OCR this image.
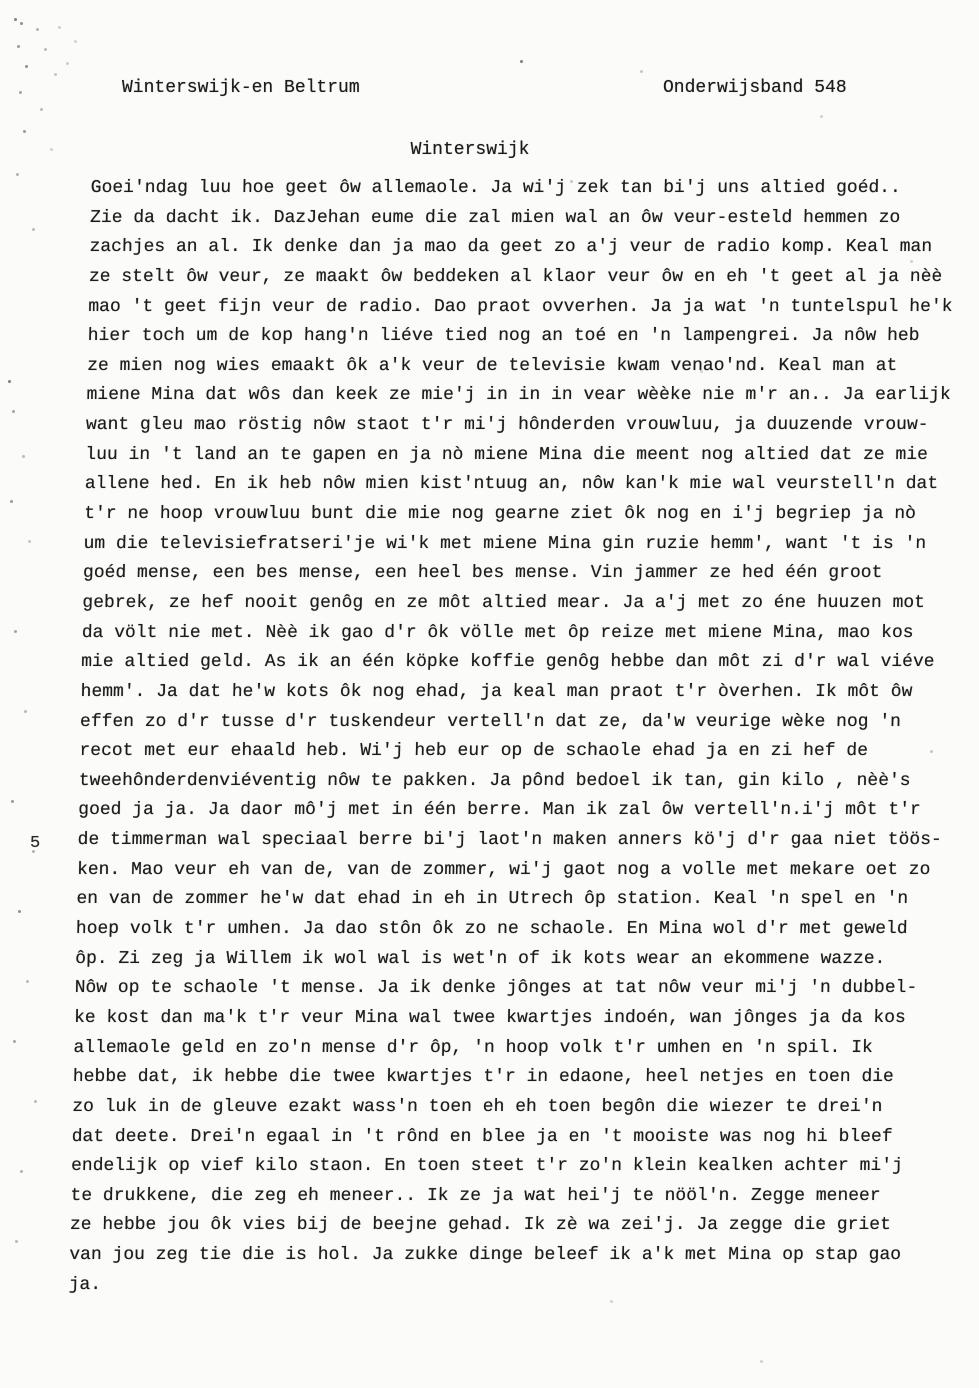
Winterswijk-en Beltrum	Onderwijsband 548
Winterswijk
5
Goei'ndag luu hoe geet ôw allemaole. Ja wi'j zek tan bi'j uns altied goéd..
Zie da dacht ik. DazJehan eume die zal mien wal an ôw veur-esteld hemmen zo
zachjes an al. Ik denke dan ja mao da geet zo a'j veur de radio komp. Keal man
ze stelt ôw veur, ze maakt ôw beddeken al klaor veur ôw en eh 't geet al ja nèè
mao 't geet fijn veur de radio. Dao praot ovverhen. Ja ja wat 'n tuntelspul he'k
hier toch um de kop hang'n liéve tied nog an toé en 'n lampengrei. Ja nôw heb
ze mien nog wies emaakt ôk a'k veur de televisie kwam venao'nd. Keal man at
miene Mina dat wôs dan keek ze mie'j in in in vear wèèke nie m'r an.. Ja earlijk
want gleu mao röstig nôw staot t'r mi'j hônderden vrouwluu, ja duuzende vrouw-
luu in 't land an te gapen en ja nò miene Mina die meent nog altied dat ze mie
allene hed. En ik heb nôw mien kist'ntuug an, nôw kan'k mie wal veurstell'n dat
t'r ne hoop vrouwluu bunt die mie nog gearne ziet ôk nog en i'j begriep ja nò
um die televisiefratseri'je wi'k met miene Mina gin ruzie hemm', want 't is 'n
goéd mense, een bes mense, een heel bes mense. Vin jammer ze hed één groot
gebrek, ze hef nooit genôg en ze môt altied mear. Ja a'j met zo éne huuzen mot
da völt nie met. Nèè ik gao d'r ôk völle met ôp reize met miene Mina, mao kos
mie altied geld. As ik an één köpke koffie genôg hebbe dan môt zi d'r wal viéve
hemm'. Ja dat he'w kots ôk nog ehad, ja keal man praot t'r òverhen. Ik môt ôw
effen zo d'r tusse d'r tuskendeur vertell'n dat ze, da'w veurige wèke nog 'n
recot met eur ehaald heb. Wi'j heb eur op de schaole ehad ja en zi hef de
tweehônderdenviéventig nôw te pakken. Ja pônd bedoel ik tan, gin kilo , nèè's
goed ja ja. Ja daor mô'j met in één berre. Man ik zal ôw vertell'n.i'j môt t'r
de timmerman wal speciaal berre bi'j laot'n maken anners kö'j d'r gaa niet töös-
ken. Mao veur eh van de, van de zommer, wi'j gaot nog a volle met mekare oet zo
en van de zommer he'w dat ehad in eh in Utrech ôp station. Keal 'n spel en 'n
hoep volk t'r umhen. Ja dao stôn ôk zo ne schaole. En Mina wol d'r met geweld
ôp. Zi zeg ja Willem ik wol wal is wet'n of ik kots wear an ekommene wazze.
Nôw op te schaole 't mense. Ja ik denke jônges at tat nôw veur mi'j 'n dubbel-
ke kost dan ma'k t'r veur Mina wal twee kwartjes indoén, wan jônges ja da kos
allemaole geld en zo'n mense d'r ôp, 'n hoop volk t'r umhen en 'n spil. Ik
hebbe dat, ik hebbe die twee kwartjes t'r in edaone, heel netjes en toen die
zo luk in de gleuve ezakt wass'n toen eh eh toen begôn die wiezer te drei'n
dat deete. Drei'n egaal in 't rônd en blee ja en 't mooiste was nog hi bleef
endelijk op vief kilo staon. En toen steet t'r zo'n klein kealken achter mi'j
te drukkene, die zeg eh meneer.. Ik ze ja wat hei'j te nööl'n. Zegge meneer
ze hebbe jou ôk vies bij de beejne gehad. Ik zè wa zei'j. Ja zegge die griet
van jou zeg tie die is hol. Ja zukke dinge beleef ik a'k met Mina op stap gao
ja.
